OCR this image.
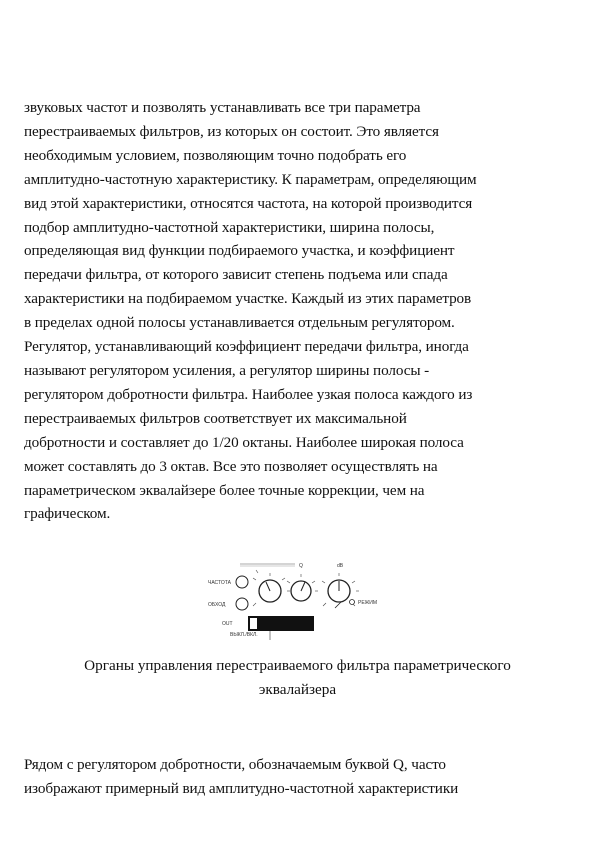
звуковых частот и позволять устанавливать все три параметра
перестраиваемых фильтров, из которых он состоит. Это является
необходимым условием, позволяющим точно подобрать его
амплитудно-частотную характеристику. К параметрам, определяющим
вид этой характеристики, относятся частота, на которой производится
подбор амплитудно-частотной характеристики, ширина полосы,
определяющая вид функции подбираемого участка, и коэффициент
передачи фильтра, от которого зависит степень подъема или спада
характеристики на подбираемом участке. Каждый из этих параметров
в пределах одной полосы устанавливается отдельным регулятором.
Регулятор, устанавливающий коэффициент передачи фильтра, иногда
называют регулятором усиления, а регулятор ширины полосы -
регулятором добротности фильтра. Наиболее узкая полоса каждого из
перестраиваемых фильтров соответствует их максимальной
добротности и составляет до 1/20 октаны. Наиболее широкая полоса
может составлять до 3 октав. Все это позволяет осуществлять на
параметрическом эквалайзере более точные коррекции, чем на
графическом.

ЧАСТОТА
ОБХОД
ВЫКЛ./ВКЛ.
РЕЖИМ
Q	dB
OUT

Органы управления перестраиваемого фильтра параметрического
эквалайзера

Рядом с регулятором добротности, обозначаемым буквой Q, часто
изображают примерный вид амплитудно-частотной характеристики
